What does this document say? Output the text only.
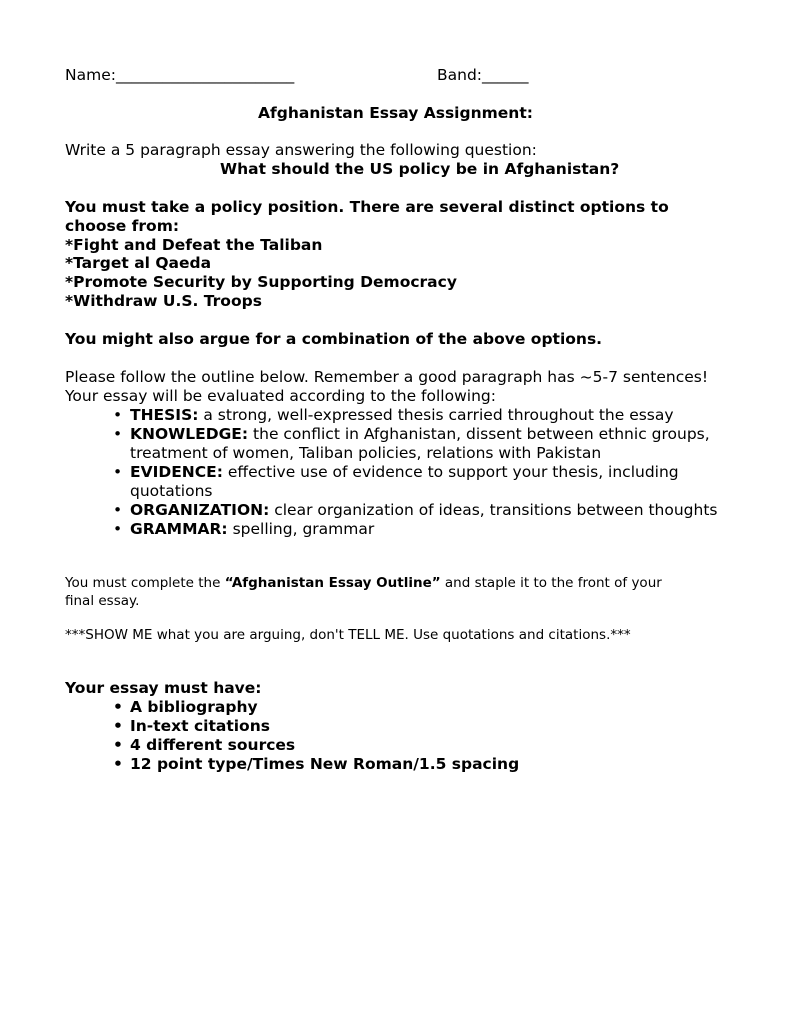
Name:_______________________	Band:______
Afghanistan Essay Assignment:
Write a 5 paragraph essay answering the following question:
What should the US policy be in Afghanistan?
You must take a policy position. There are several distinct options to
choose from:
*Fight and Defeat the Taliban
*Target al Qaeda
*Promote Security by Supporting Democracy
*Withdraw U.S. Troops
You might also argue for a combination of the above options.
Please follow the outline below. Remember a good paragraph has ~5-7 sentences!
Your essay will be evaluated according to the following:
• THESIS: a strong, well-expressed thesis carried throughout the essay
• KNOWLEDGE: the conflict in Afghanistan, dissent between ethnic groups,
treatment of women, Taliban policies, relations with Pakistan
• EVIDENCE: effective use of evidence to support your thesis, including
quotations
• ORGANIZATION: clear organization of ideas, transitions between thoughts
• GRAMMAR: spelling, grammar
You must complete the “Afghanistan Essay Outline” and staple it to the front of your
final essay.
***SHOW ME what you are arguing, don't TELL ME. Use quotations and citations.***
Your essay must have:
• A bibliography
• In-text citations
• 4 different sources
• 12 point type/Times New Roman/1.5 spacing
